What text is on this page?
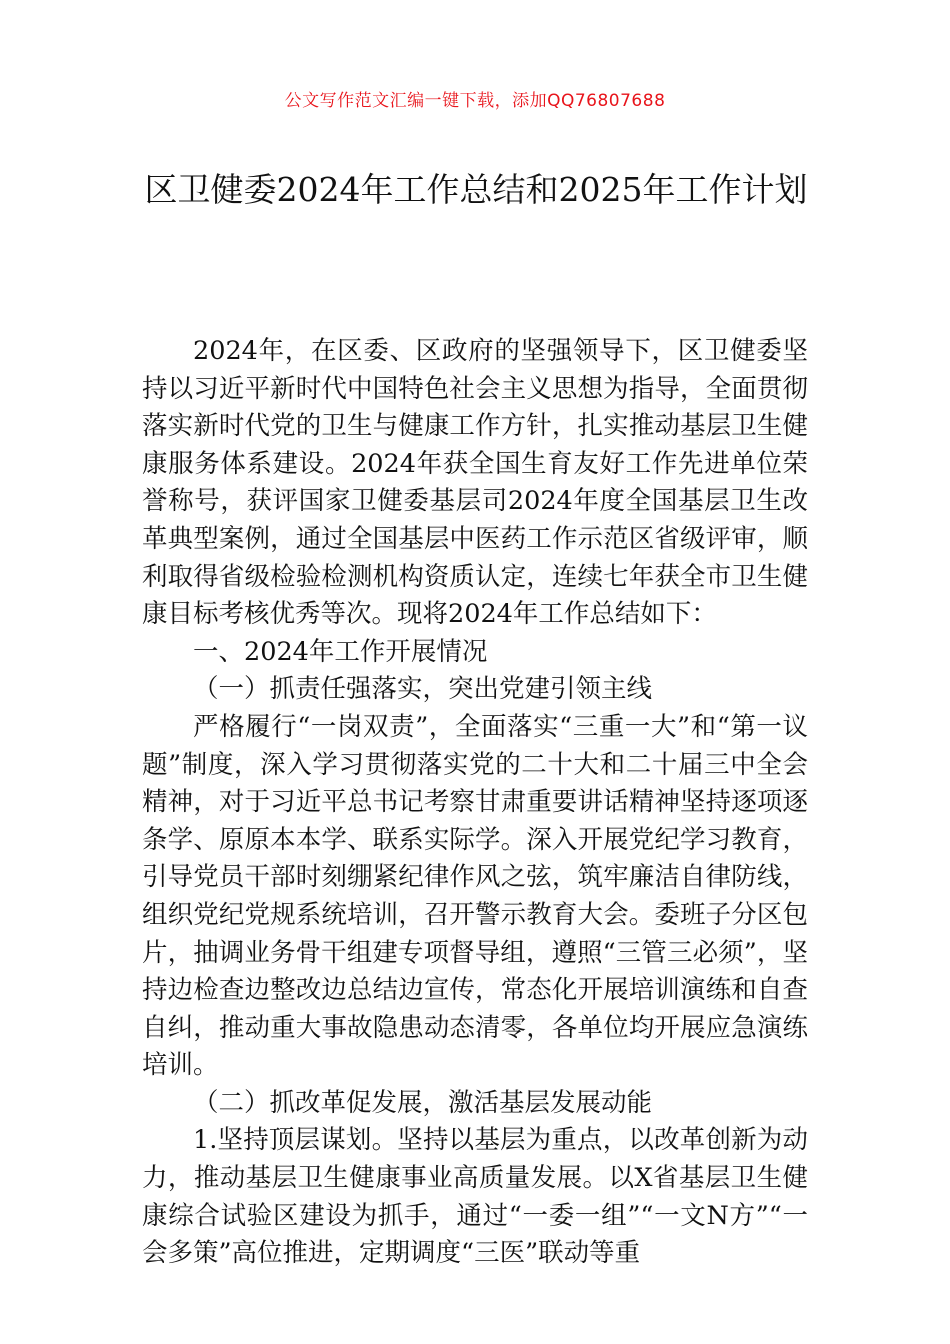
公文写作范文汇编一键下载，添加QQ76807688
区卫健委2024年工作总结和2025年工作计划

2024年，在区委、区政府的坚强领导下，区卫健委坚持以习近平新时代中国特色社会主义思想为指导，全面贯彻落实新时代党的卫生与健康工作方针，扎实推动基层卫生健康服务体系建设。2024年获全国生育友好工作先进单位荣誉称号，获评国家卫健委基层司2024年度全国基层卫生改革典型案例，通过全国基层中医药工作示范区省级评审，顺利取得省级检验检测机构资质认定，连续七年获全市卫生健康目标考核优秀等次。现将2024年工作总结如下：

一、2024年工作开展情况

（一）抓责任强落实，突出党建引领主线

严格履行“一岗双责”，全面落实“三重一大”和“第一议题”制度，深入学习贯彻落实党的二十大和二十届三中全会精神，对于习近平总书记考察甘肃重要讲话精神坚持逐项逐条学、原原本本学、联系实际学。深入开展党纪学习教育，引导党员干部时刻绷紧纪律作风之弦，筑牢廉洁自律防线，组织党纪党规系统培训，召开警示教育大会。委班子分区包片，抽调业务骨干组建专项督导组，遵照“三管三必须”，坚持边检查边整改边总结边宣传，常态化开展培训演练和自查自纠，推动重大事故隐患动态清零，各单位均开展应急演练培训。

（二）抓改革促发展，激活基层发展动能

1.坚持顶层谋划。坚持以基层为重点，以改革创新为动力，推动基层卫生健康事业高质量发展。以X省基层卫生健康综合试验区建设为抓手，通过“一委一组”“一文N方”“一会多策”高位推进，定期调度“三医”联动等重
